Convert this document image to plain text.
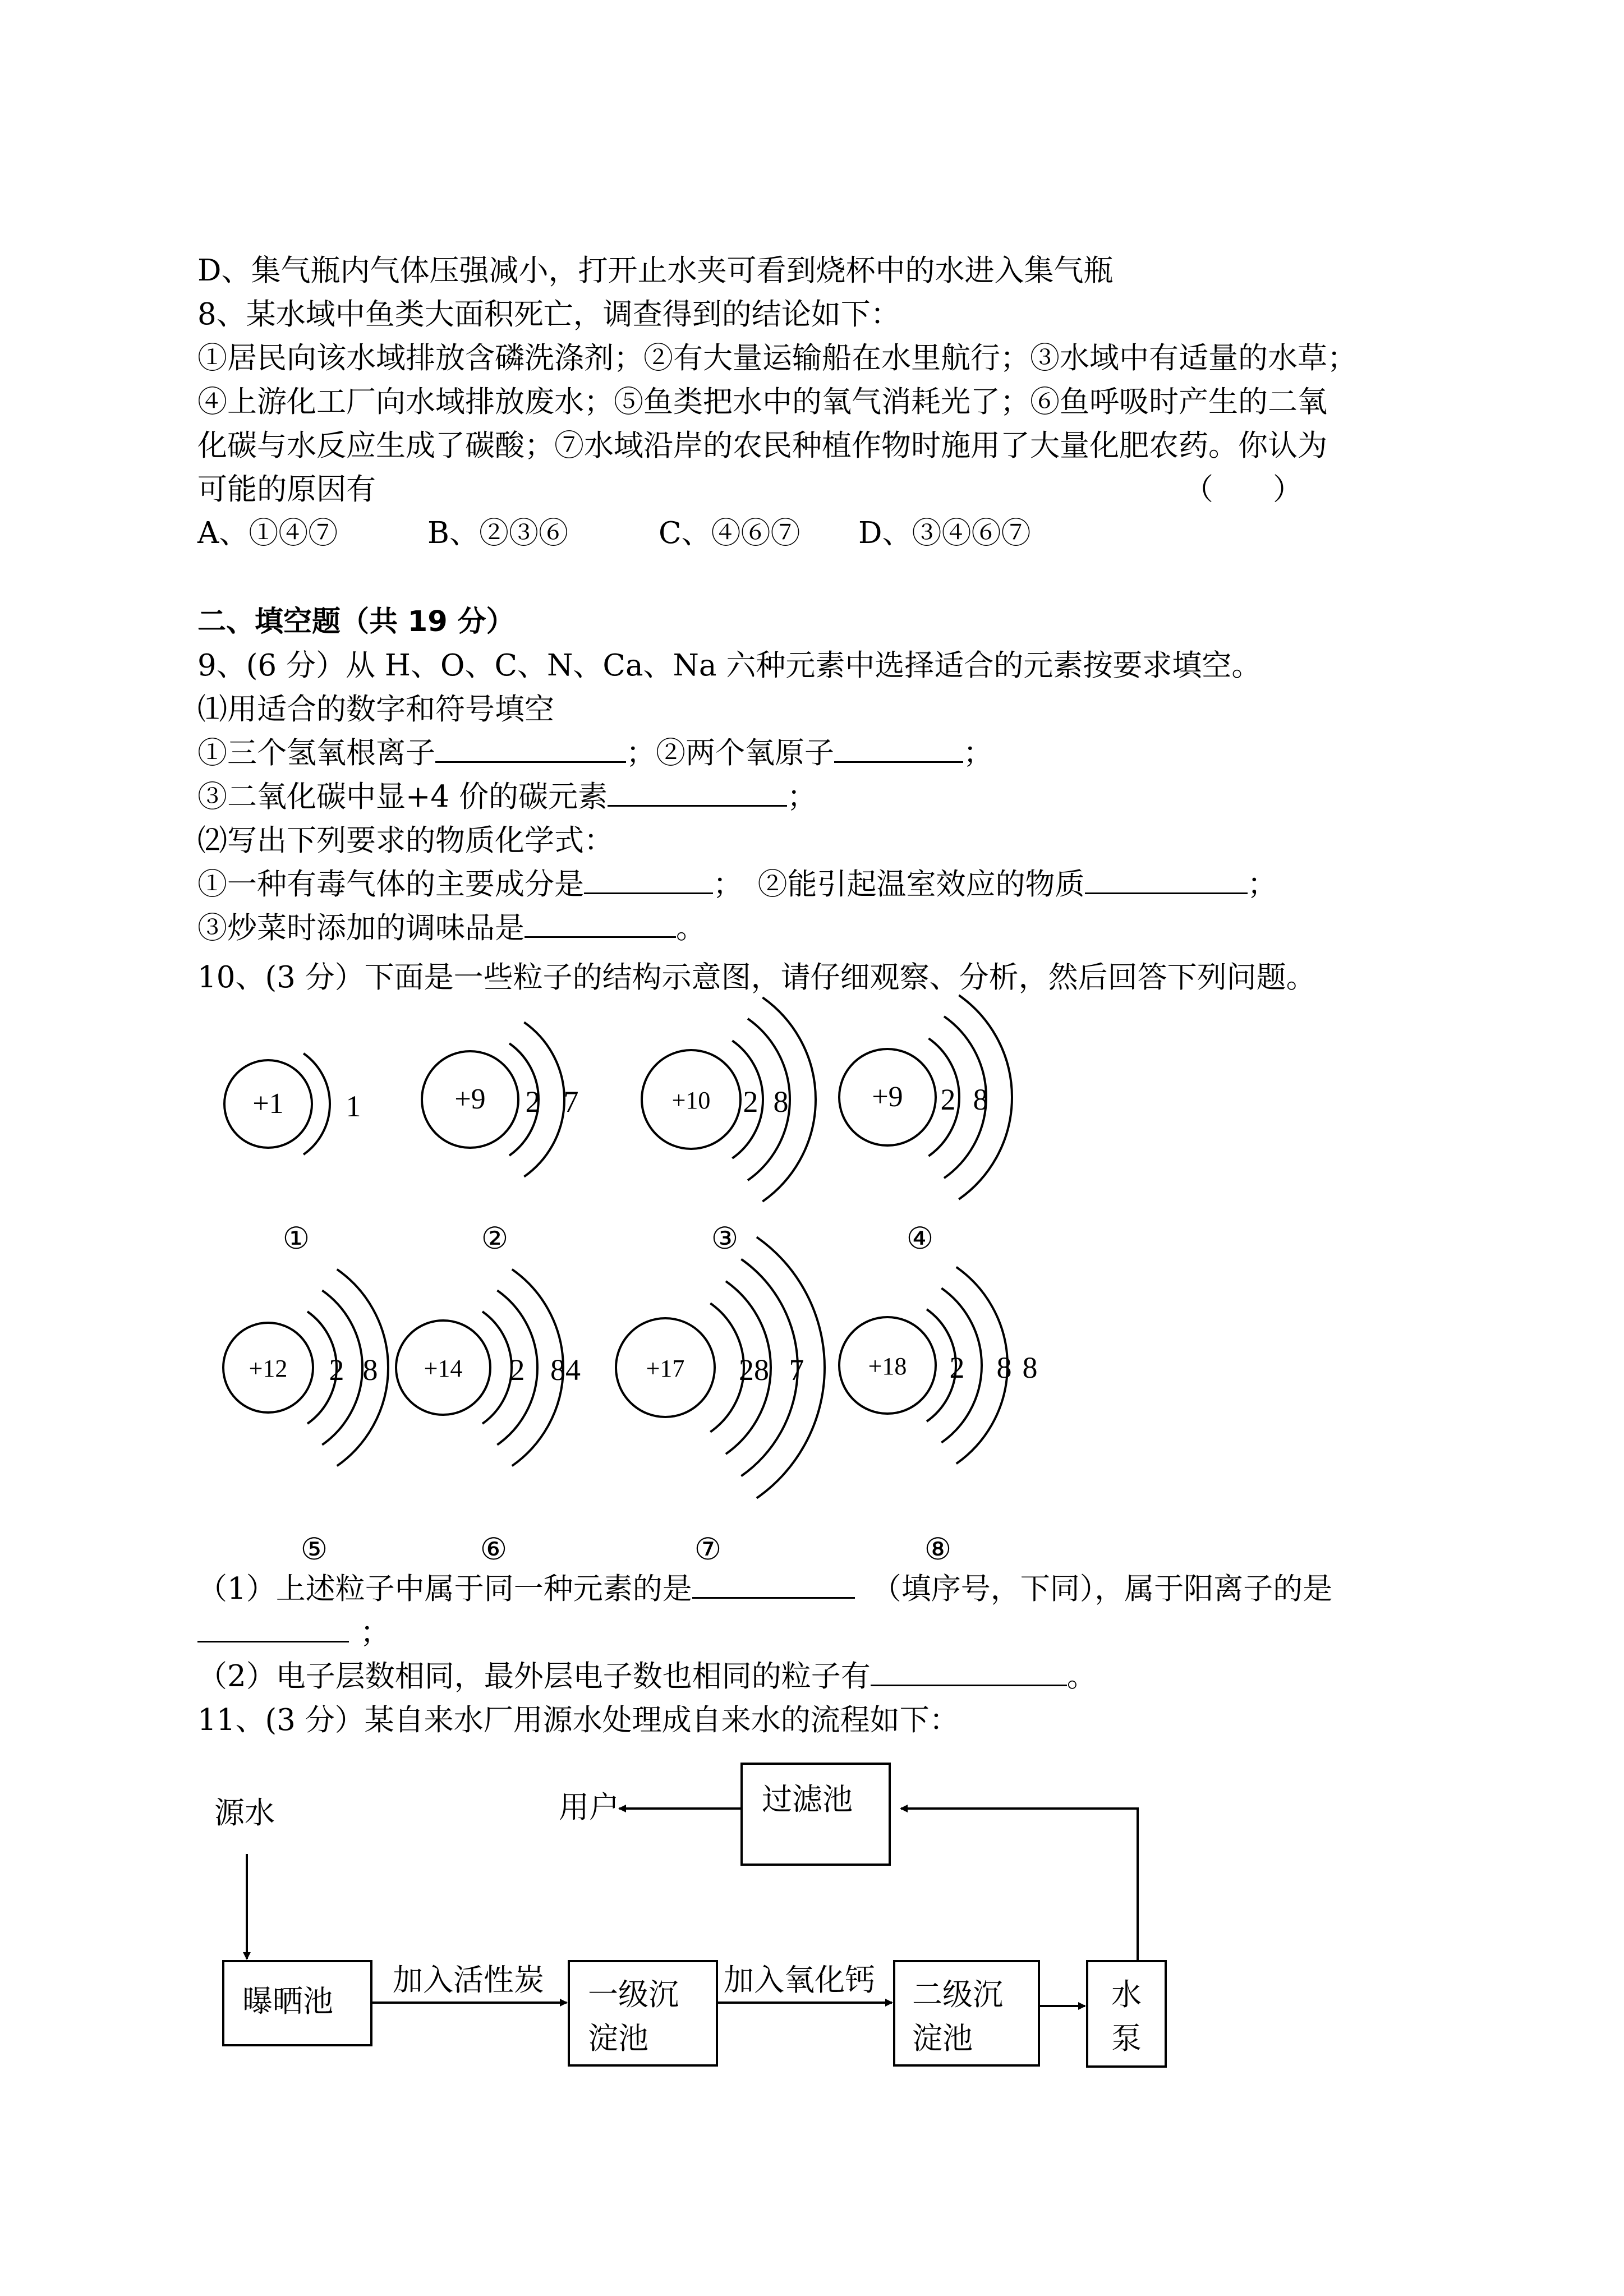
D、集气瓶内气体压强减小，打开止水夹可看到烧杯中的水进入集气瓶
8、某水域中鱼类大面积死亡，调查得到的结论如下：
①居民向该水域排放含磷洗涤剂；②有大量运输船在水里航行；③水域中有适量的水草；
④上游化工厂向水域排放废水；⑤鱼类把水中的氧气消耗光了；⑥鱼呼吸时产生的二氧
化碳与水反应生成了碳酸；⑦水域沿岸的农民种植作物时施用了大量化肥农药。你认为
可能的原因有	（　　）
A、①④⑦	B、②③⑥	C、④⑥⑦ D、③④⑥⑦
二、填空题（共 19 分）
9、(6 分）从 H、O、C、N、Ca、Na 六种元素中选择适合的元素按要求填空。
⑴用适合的数字和符号填空
①三个氢氧根离子	；②两个氧原子	；
③二氧化碳中显+4 价的碳元素	；
⑵写出下列要求的物质化学式：
①一种有毒气体的主要成分是	；　②能引起温室效应的物质	；
③炒菜时添加的调味品是	。
10、(3 分）下面是一些粒子的结构示意图，请仔细观察、分析，然后回答下列问题。
+1 1
①
+9 2 7
②
+10 2 8
③
+9 2 8
④
+12 2 8
⑤
+14 2 84
⑥
+17 28 7
⑦
+18 2 8 8
⑧
（1）上述粒子中属于同一种元素的是	（填序号，下同），属于阳离子的是
；
（2）电子层数相同，最外层电子数也相同的粒子有	。
11、(3 分）某自来水厂用源水处理成自来水的流程如下：
源水
曝晒池
加入活性炭 一级沉
淀池
加入氧化钙 二级沉
淀池
水
泵
过滤池
用户
